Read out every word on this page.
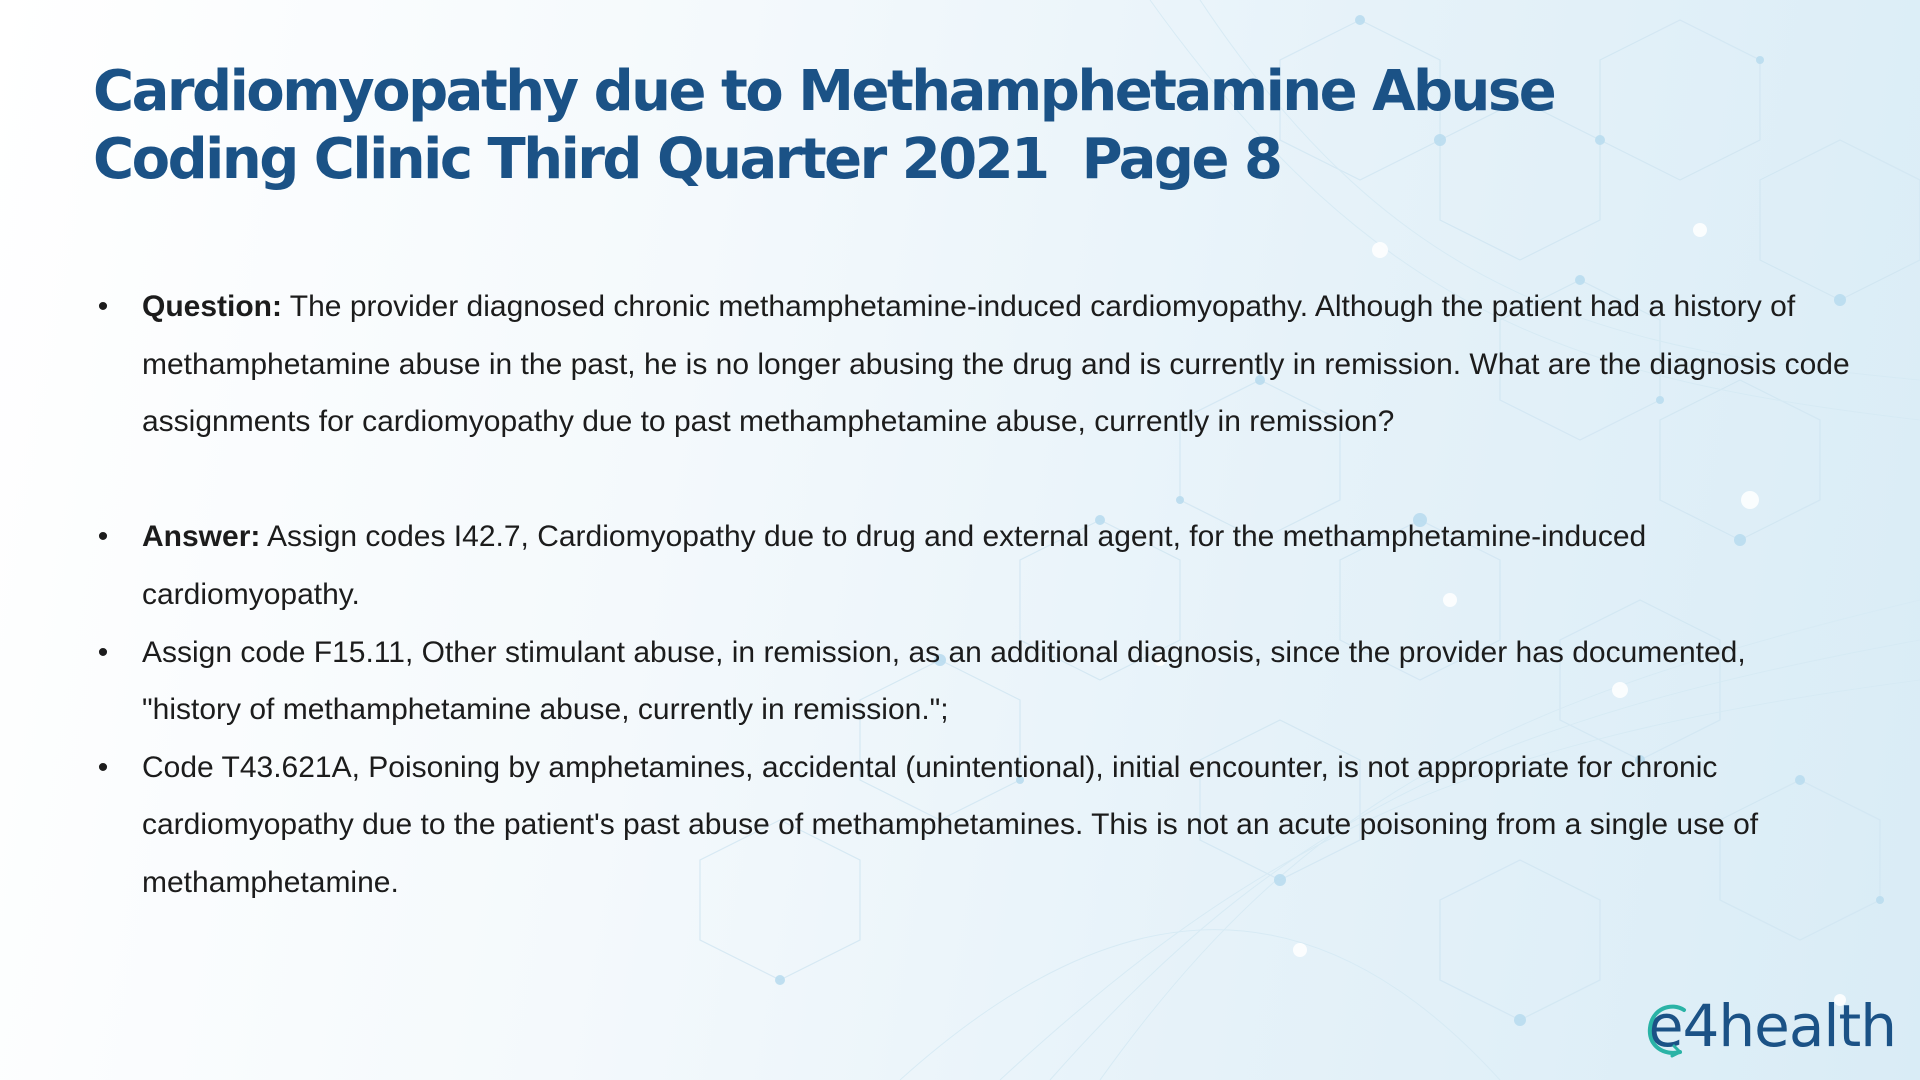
Cardiomyopathy due to Methamphetamine Abuse
Coding Clinic Third Quarter 2021  Page 8
• Question: The provider diagnosed chronic methamphetamine-induced cardiomyopathy. Although the patient had a history of methamphetamine abuse in the past, he is no longer abusing the drug and is currently in remission. What are the diagnosis code assignments for cardiomyopathy due to past methamphetamine abuse, currently in remission?
• Answer: Assign codes I42.7, Cardiomyopathy due to drug and external agent, for the methamphetamine-induced cardiomyopathy.
• Assign code F15.11, Other stimulant abuse, in remission, as an additional diagnosis, since the provider has documented, "history of methamphetamine abuse, currently in remission.";
• Code T43.621A, Poisoning by amphetamines, accidental (unintentional), initial encounter, is not appropriate for chronic cardiomyopathy due to the patient's past abuse of methamphetamines. This is not an acute poisoning from a single use of methamphetamine.
e4health
